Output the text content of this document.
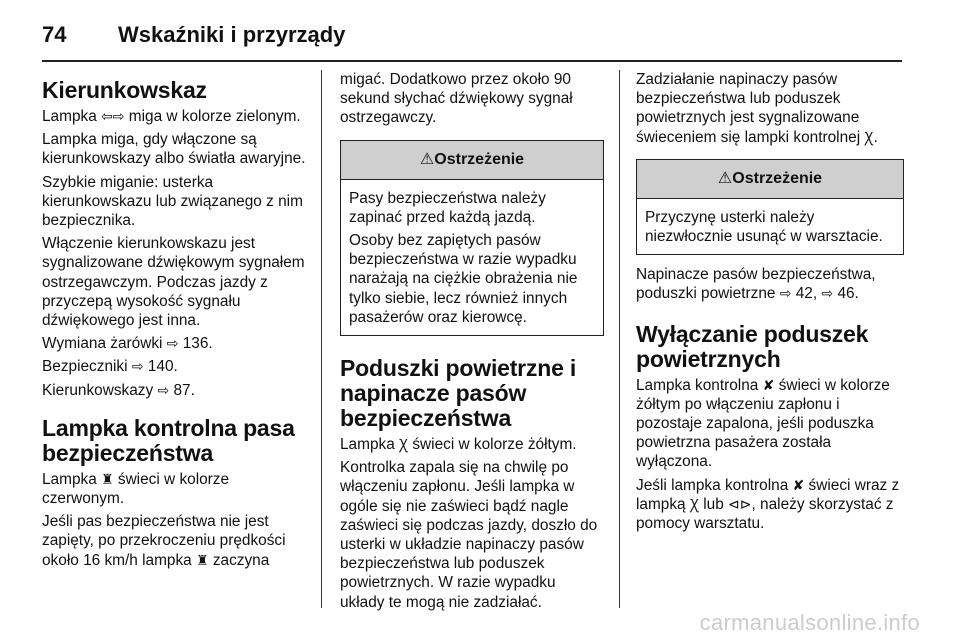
74 Wskaźniki i przyrządy
Kierunkowskaz

Lampka ⇦⇨ miga w kolorze zielonym.

Lampka miga, gdy włączone są kierunkowskazy albo światła awaryjne.

Szybkie miganie: usterka kierunkowskazu lub związanego z nim bezpiecznika.

Włączenie kierunkowskazu jest sygnalizowane dźwiękowym sygnałem ostrzegawczym. Podczas jazdy z przyczepą wysokość sygnału dźwiękowego jest inna.

Wymiana żarówki ⇨ 136.

Bezpieczniki ⇨ 140.

Kierunkowskazy ⇨ 87.

Lampka kontrolna pasa bezpieczeństwa

Lampka ♜ świeci w kolorze czerwonym.

Jeśli pas bezpieczeństwa nie jest zapięty, po przekroczeniu prędkości około 16 km/h lampka ♜ zaczyna

migać. Dodatkowo przez około 90 sekund słychać dźwiękowy sygnał ostrzegawczy.

⚠Ostrzeżenie

Pasy bezpieczeństwa należy zapinać przed każdą jazdą.

Osoby bez zapiętych pasów bezpieczeństwa w razie wypadku narażają na ciężkie obrażenia nie tylko siebie, lecz również innych pasażerów oraz kierowcę.

Poduszki powietrzne i napinacze pasów bezpieczeństwa

Lampka Ꭓ świeci w kolorze żółtym.

Kontrolka zapala się na chwilę po włączeniu zapłonu. Jeśli lampka w ogóle się nie zaświeci bądź nagle zaświeci się podczas jazdy, doszło do usterki w układzie napinaczy pasów bezpieczeństwa lub poduszek powietrznych. W razie wypadku układy te mogą nie zadziałać.

Zadziałanie napinaczy pasów bezpieczeństwa lub poduszek powietrznych jest sygnalizowane świeceniem się lampki kontrolnej Ꭓ.

⚠Ostrzeżenie

Przyczynę usterki należy niezwłocznie usunąć w warsztacie.

Napinacze pasów bezpieczeństwa, poduszki powietrzne ⇨ 42, ⇨ 46.

Wyłączanie poduszek powietrznych

Lampka kontrolna ✘ świeci w kolorze żółtym po włączeniu zapłonu i pozostaje zapalona, jeśli poduszka powietrzna pasażera została wyłączona.

Jeśli lampka kontrolna ✘ świeci wraz z lampką Ꭓ lub ⊲⊳, należy skorzystać z pomocy warsztatu.

carmanualsonline.info
